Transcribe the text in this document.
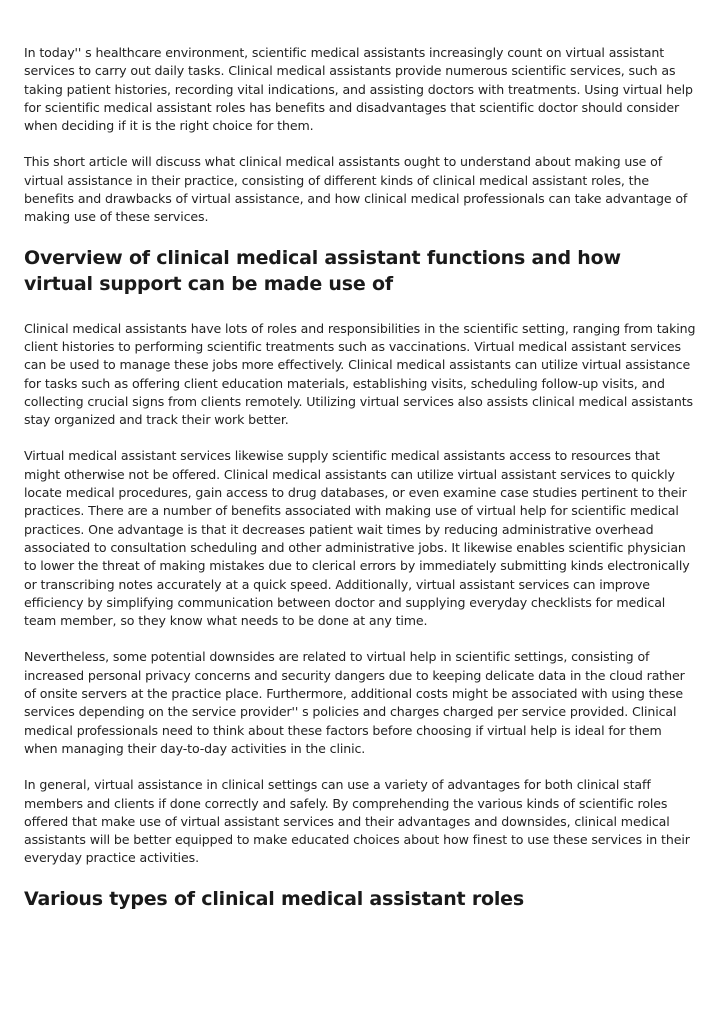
In today'' s healthcare environment, scientific medical assistants increasingly count on virtual assistant services to carry out daily tasks. Clinical medical assistants provide numerous scientific services, such as taking patient histories, recording vital indications, and assisting doctors with treatments. Using virtual help for scientific medical assistant roles has benefits and disadvantages that scientific doctor should consider when deciding if it is the right choice for them.

This short article will discuss what clinical medical assistants ought to understand about making use of virtual assistance in their practice, consisting of different kinds of clinical medical assistant roles, the benefits and drawbacks of virtual assistance, and how clinical medical professionals can take advantage of making use of these services.

Overview of clinical medical assistant functions and how virtual support can be made use of

Clinical medical assistants have lots of roles and responsibilities in the scientific setting, ranging from taking client histories to performing scientific treatments such as vaccinations. Virtual medical assistant services can be used to manage these jobs more effectively. Clinical medical assistants can utilize virtual assistance for tasks such as offering client education materials, establishing visits, scheduling follow-up visits, and collecting crucial signs from clients remotely. Utilizing virtual services also assists clinical medical assistants stay organized and track their work better.

Virtual medical assistant services likewise supply scientific medical assistants access to resources that might otherwise not be offered. Clinical medical assistants can utilize virtual assistant services to quickly locate medical procedures, gain access to drug databases, or even examine case studies pertinent to their practices. There are a number of benefits associated with making use of virtual help for scientific medical practices. One advantage is that it decreases patient wait times by reducing administrative overhead associated to consultation scheduling and other administrative jobs. It likewise enables scientific physician to lower the threat of making mistakes due to clerical errors by immediately submitting kinds electronically or transcribing notes accurately at a quick speed. Additionally, virtual assistant services can improve efficiency by simplifying communication between doctor and supplying everyday checklists for medical team member, so they know what needs to be done at any time.

Nevertheless, some potential downsides are related to virtual help in scientific settings, consisting of increased personal privacy concerns and security dangers due to keeping delicate data in the cloud rather of onsite servers at the practice place. Furthermore, additional costs might be associated with using these services depending on the service provider'' s policies and charges charged per service provided. Clinical medical professionals need to think about these factors before choosing if virtual help is ideal for them when managing their day-to-day activities in the clinic.

In general, virtual assistance in clinical settings can use a variety of advantages for both clinical staff members and clients if done correctly and safely. By comprehending the various kinds of scientific roles offered that make use of virtual assistant services and their advantages and downsides, clinical medical assistants will be better equipped to make educated choices about how finest to use these services in their everyday practice activities.

Various types of clinical medical assistant roles
